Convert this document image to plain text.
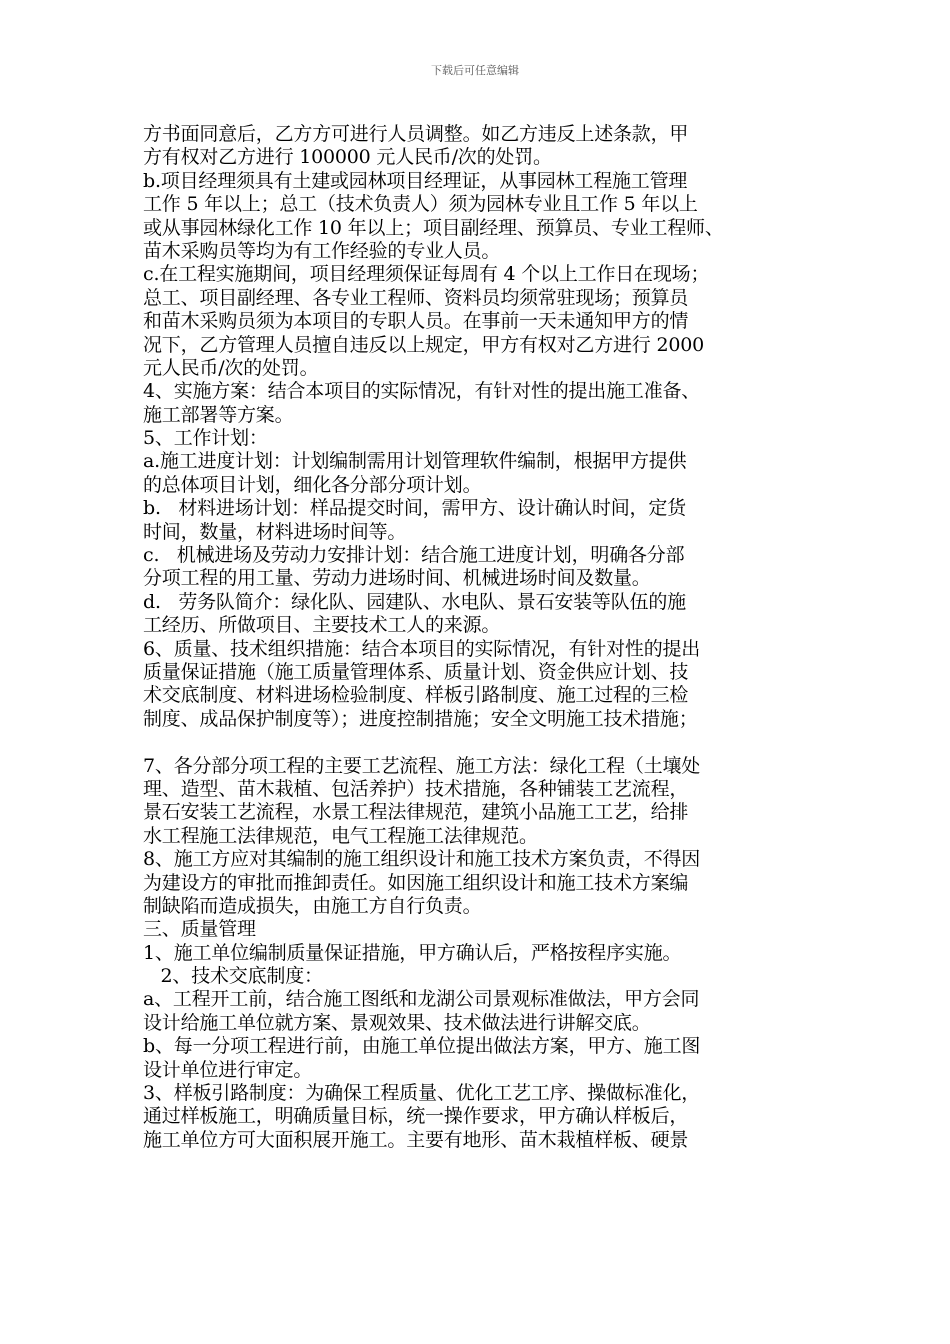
下载后可任意编辑
方书面同意后，乙方方可进行人员调整。如乙方违反上述条款，甲
方有权对乙方进行 100000 元人民币/次的处罚。
b.项目经理须具有土建或园林项目经理证，从事园林工程施工管理
工作 5 年以上；总工（技术负责人）须为园林专业且工作 5 年以上
或从事园林绿化工作 10 年以上；项目副经理、预算员、专业工程师、
苗木采购员等均为有工作经验的专业人员。
c.在工程实施期间，项目经理须保证每周有 4 个以上工作日在现场；
总工、项目副经理、各专业工程师、资料员均须常驻现场；预算员
和苗木采购员须为本项目的专职人员。在事前一天未通知甲方的情
况下，乙方管理人员擅自违反以上规定，甲方有权对乙方进行 2000
元人民币/次的处罚。
4、实施方案：结合本项目的实际情况，有针对性的提出施工准备、
施工部署等方案。
5、工作计划：
a.施工进度计划：计划编制需用计划管理软件编制，根据甲方提供
的总体项目计划，细化各分部分项计划。
b.   材料进场计划：样品提交时间，需甲方、设计确认时间，定货
时间，数量，材料进场时间等。
c.   机械进场及劳动力安排计划：结合施工进度计划，明确各分部
分项工程的用工量、劳动力进场时间、机械进场时间及数量。
d.   劳务队简介：绿化队、园建队、水电队、景石安装等队伍的施
工经历、所做项目、主要技术工人的来源。
6、质量、技术组织措施：结合本项目的实际情况，有针对性的提出
质量保证措施（施工质量管理体系、质量计划、资金供应计划、技
术交底制度、材料进场检验制度、样板引路制度、施工过程的三检
制度、成品保护制度等）；进度控制措施；安全文明施工技术措施；
7、各分部分项工程的主要工艺流程、施工方法：绿化工程（土壤处
理、造型、苗木栽植、包活养护）技术措施，各种铺装工艺流程，
景石安装工艺流程，水景工程法律规范，建筑小品施工工艺，给排
水工程施工法律规范，电气工程施工法律规范。
8、施工方应对其编制的施工组织设计和施工技术方案负责，不得因
为建设方的审批而推卸责任。如因施工组织设计和施工技术方案编
制缺陷而造成损失，由施工方自行负责。
三、质量管理
1、施工单位编制质量保证措施，甲方确认后，严格按程序实施。
2、技术交底制度：
a、工程开工前，结合施工图纸和龙湖公司景观标准做法，甲方会同
设计给施工单位就方案、景观效果、技术做法进行讲解交底。
b、每一分项工程进行前，由施工单位提出做法方案，甲方、施工图
设计单位进行审定。
3、样板引路制度：为确保工程质量、优化工艺工序、操做标准化，
通过样板施工，明确质量目标，统一操作要求，甲方确认样板后，
施工单位方可大面积展开施工。主要有地形、苗木栽植样板、硬景
